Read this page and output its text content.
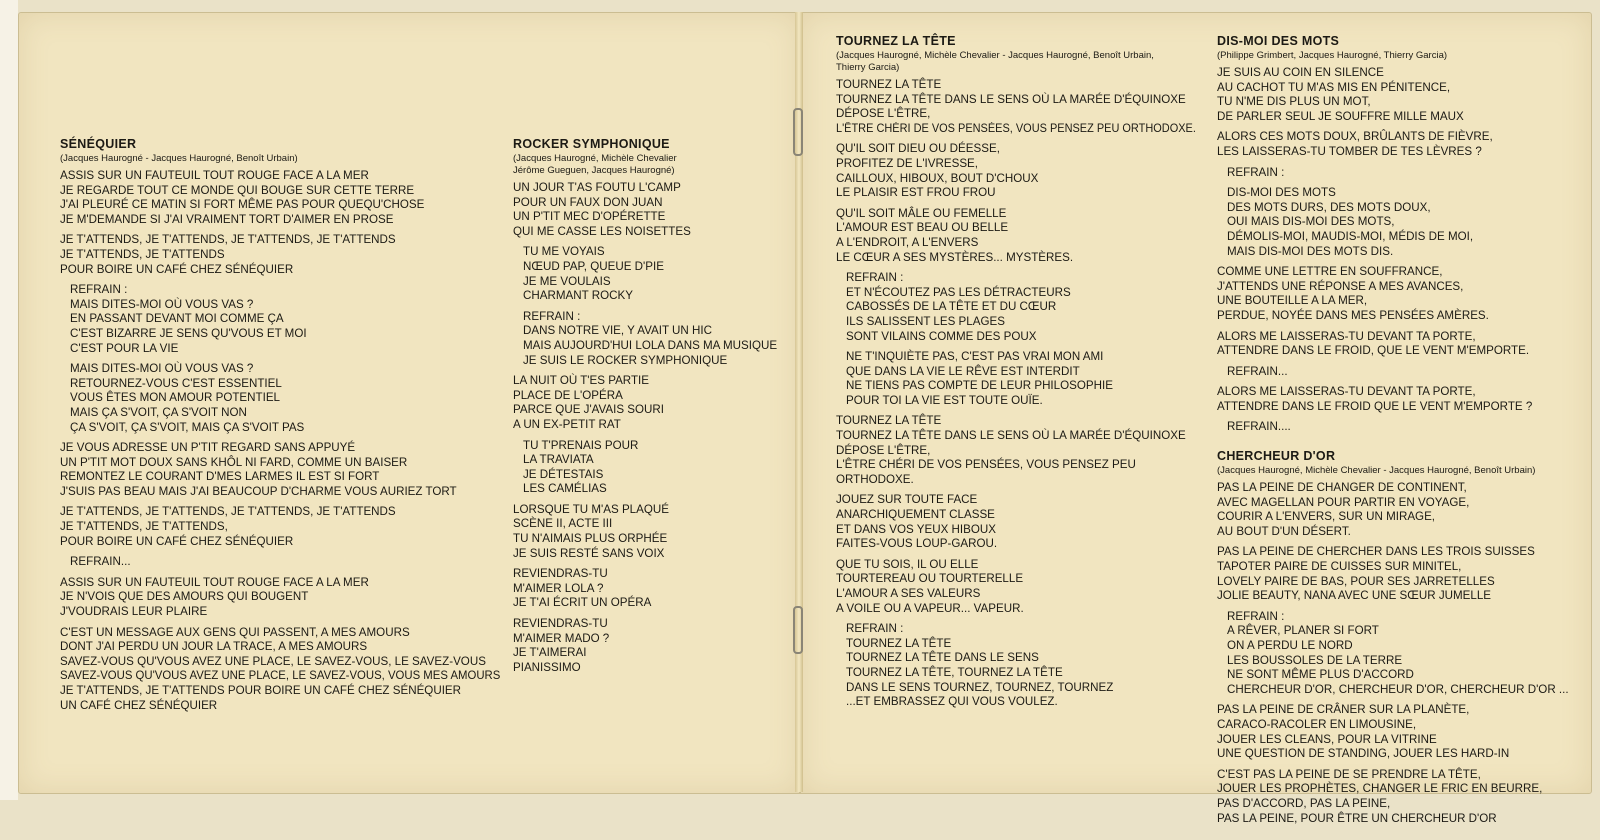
SÉNÉQUIER
(Jacques Haurogné - Jacques Haurogné, Benoît Urbain)
ASSIS SUR UN FAUTEUIL TOUT ROUGE FACE A LA MER
JE REGARDE TOUT CE MONDE QUI BOUGE SUR CETTE TERRE
J'AI PLEURÉ CE MATIN SI FORT MÊME PAS POUR QUEQU'CHOSE
JE M'DEMANDE SI J'AI VRAIMENT TORT D'AIMER EN PROSE
JE T'ATTENDS, JE T'ATTENDS, JE T'ATTENDS, JE T'ATTENDS
JE T'ATTENDS, JE T'ATTENDS
POUR BOIRE UN CAFÉ CHEZ SÉNÉQUIER
REFRAIN :
MAIS DITES-MOI OÙ VOUS VAS ?
EN PASSANT DEVANT MOI COMME ÇA
C'EST BIZARRE JE SENS QU'VOUS ET MOI
C'EST POUR LA VIE
MAIS DITES-MOI OÙ VOUS VAS ?
RETOURNEZ-VOUS C'EST ESSENTIEL
VOUS ÊTES MON AMOUR POTENTIEL
MAIS ÇA S'VOIT, ÇA S'VOIT NON
ÇA S'VOIT, ÇA S'VOIT, MAIS ÇA S'VOIT PAS
JE VOUS ADRESSE UN P'TIT REGARD SANS APPUYÉ
UN P'TIT MOT DOUX SANS KHÔL NI FARD, COMME UN BAISER
REMONTEZ LE COURANT D'MES LARMES IL EST SI FORT
J'SUIS PAS BEAU MAIS J'AI BEAUCOUP D'CHARME VOUS AURIEZ TORT
JE T'ATTENDS, JE T'ATTENDS, JE T'ATTENDS, JE T'ATTENDS
JE T'ATTENDS, JE T'ATTENDS,
POUR BOIRE UN CAFÉ CHEZ SÉNÉQUIER
REFRAIN...
ASSIS SUR UN FAUTEUIL TOUT ROUGE FACE A LA MER
JE N'VOIS QUE DES AMOURS QUI BOUGENT
J'VOUDRAIS LEUR PLAIRE
C'EST UN MESSAGE AUX GENS QUI PASSENT, A MES AMOURS
DONT J'AI PERDU UN JOUR LA TRACE, A MES AMOURS
SAVEZ-VOUS QU'VOUS AVEZ UNE PLACE, LE SAVEZ-VOUS, LE SAVEZ-VOUS
SAVEZ-VOUS QU'VOUS AVEZ UNE PLACE, LE SAVEZ-VOUS, VOUS MES AMOURS
JE T'ATTENDS, JE T'ATTENDS POUR BOIRE UN CAFÉ CHEZ SÉNÉQUIER
UN CAFÉ CHEZ SÉNÉQUIER
ROCKER SYMPHONIQUE
(Jacques Haurogné, Michèle Chevalier
Jérôme Gueguen, Jacques Haurogné)
UN JOUR T'AS FOUTU L'CAMP
POUR UN FAUX DON JUAN
UN P'TIT MEC D'OPÉRETTE
QUI ME CASSE LES NOISETTES
TU ME VOYAIS
NŒUD PAP, QUEUE D'PIE
JE ME VOULAIS
CHARMANT ROCKY
REFRAIN :
DANS NOTRE VIE, Y AVAIT UN HIC
MAIS AUJOURD'HUI LOLA DANS MA MUSIQUE
JE SUIS LE ROCKER SYMPHONIQUE
LA NUIT OÙ T'ES PARTIE
PLACE DE L'OPÉRA
PARCE QUE J'AVAIS SOURI
A UN EX-PETIT RAT
TU T'PRENAIS POUR
LA TRAVIATA
JE DÉTESTAIS
LES CAMÉLIAS
LORSQUE TU M'AS PLAQUÉ
SCÈNE II, ACTE III
TU N'AIMAIS PLUS ORPHÉE
JE SUIS RESTÉ SANS VOIX
REVIENDRAS-TU
M'AIMER LOLA ?
JE T'AI ÉCRIT UN OPÉRA
REVIENDRAS-TU
M'AIMER MADO ?
JE T'AIMERAI
PIANISSIMO
TOURNEZ LA TÊTE
(Jacques Haurogné, Michèle Chevalier - Jacques Haurogné, Benoît Urbain,
Thierry Garcia)
TOURNEZ LA TÊTE
TOURNEZ LA TÊTE DANS LE SENS OÙ LA MARÉE D'ÉQUINOXE
DÉPOSE L'ÊTRE,
L'ÊTRE CHÉRI DE VOS PENSÉES, VOUS PENSEZ PEU ORTHODOXE.
QU'IL SOIT DIEU OU DÉESSE,
PROFITEZ DE L'IVRESSE,
CAILLOUX, HIBOUX, BOUT D'CHOUX
LE PLAISIR EST FROU FROU
QU'IL SOIT MÂLE OU FEMELLE
L'AMOUR EST BEAU OU BELLE
A L'ENDROIT, A L'ENVERS
LE CŒUR A SES MYSTÈRES... MYSTÈRES.
REFRAIN :
ET N'ÉCOUTEZ PAS LES DÉTRACTEURS
CABOSSÉS DE LA TÊTE ET DU CŒUR
ILS SALISSENT LES PLAGES
SONT VILAINS COMME DES POUX
NE T'INQUIÈTE PAS, C'EST PAS VRAI MON AMI
QUE DANS LA VIE LE RÊVE EST INTERDIT
NE TIENS PAS COMPTE DE LEUR PHILOSOPHIE
POUR TOI LA VIE EST TOUTE OUÏE.
TOURNEZ LA TÊTE
TOURNEZ LA TÊTE DANS LE SENS OÙ LA MARÉE D'ÉQUINOXE
DÉPOSE L'ÊTRE,
L'ÊTRE CHÉRI DE VOS PENSÉES, VOUS PENSEZ PEU
ORTHODOXE.
JOUEZ SUR TOUTE FACE
ANARCHIQUEMENT CLASSE
ET DANS VOS YEUX HIBOUX
FAITES-VOUS LOUP-GAROU.
QUE TU SOIS, IL OU ELLE
TOURTEREAU OU TOURTERELLE
L'AMOUR A SES VALEURS
A VOILE OU A VAPEUR... VAPEUR.
REFRAIN :
TOURNEZ LA TÊTE
TOURNEZ LA TÊTE DANS LE SENS
TOURNEZ LA TÊTE, TOURNEZ LA TÊTE
DANS LE SENS TOURNEZ, TOURNEZ, TOURNEZ
...ET EMBRASSEZ QUI VOUS VOULEZ.
DIS-MOI DES MOTS
(Philippe Grimbert, Jacques Haurogné, Thierry Garcia)
JE SUIS AU COIN EN SILENCE
AU CACHOT TU M'AS MIS EN PÉNITENCE,
TU N'ME DIS PLUS UN MOT,
DE PARLER SEUL JE SOUFFRE MILLE MAUX
ALORS CES MOTS DOUX, BRÛLANTS DE FIÈVRE,
LES LAISSERAS-TU TOMBER DE TES LÈVRES ?
REFRAIN :
DIS-MOI DES MOTS
DES MOTS DURS, DES MOTS DOUX,
OUI MAIS DIS-MOI DES MOTS,
DÉMOLIS-MOI, MAUDIS-MOI, MÉDIS DE MOI,
MAIS DIS-MOI DES MOTS DIS.
COMME UNE LETTRE EN SOUFFRANCE,
J'ATTENDS UNE RÉPONSE A MES AVANCES,
UNE BOUTEILLE A LA MER,
PERDUE, NOYÉE DANS MES PENSÉES AMÈRES.
ALORS ME LAISSERAS-TU DEVANT TA PORTE,
ATTENDRE DANS LE FROID, QUE LE VENT M'EMPORTE.
REFRAIN...
ALORS ME LAISSERAS-TU DEVANT TA PORTE,
ATTENDRE DANS LE FROID QUE LE VENT M'EMPORTE ?
REFRAIN....
CHERCHEUR D'OR
(Jacques Haurogné, Michèle Chevalier - Jacques Haurogné, Benoît Urbain)
PAS LA PEINE DE CHANGER DE CONTINENT,
AVEC MAGELLAN POUR PARTIR EN VOYAGE,
COURIR A L'ENVERS, SUR UN MIRAGE,
AU BOUT D'UN DÉSERT.
PAS LA PEINE DE CHERCHER DANS LES TROIS SUISSES
TAPOTER PAIRE DE CUISSES SUR MINITEL,
LOVELY PAIRE DE BAS, POUR SES JARRETELLES
JOLIE BEAUTY, NANA AVEC UNE SŒUR JUMELLE
REFRAIN :
A RÊVER, PLANER SI FORT
ON A PERDU LE NORD
LES BOUSSOLES DE LA TERRE
NE SONT MÊME PLUS D'ACCORD
CHERCHEUR D'OR, CHERCHEUR D'OR, CHERCHEUR D'OR ...
PAS LA PEINE DE CRÂNER SUR LA PLANÈTE,
CARACO-RACOLER EN LIMOUSINE,
JOUER LES CLEANS, POUR LA VITRINE
UNE QUESTION DE STANDING, JOUER LES HARD-IN
C'EST PAS LA PEINE DE SE PRENDRE LA TÊTE,
JOUER LES PROPHÈTES, CHANGER LE FRIC EN BEURRE,
PAS D'ACCORD, PAS LA PEINE,
PAS LA PEINE, POUR ÊTRE UN CHERCHEUR D'OR
